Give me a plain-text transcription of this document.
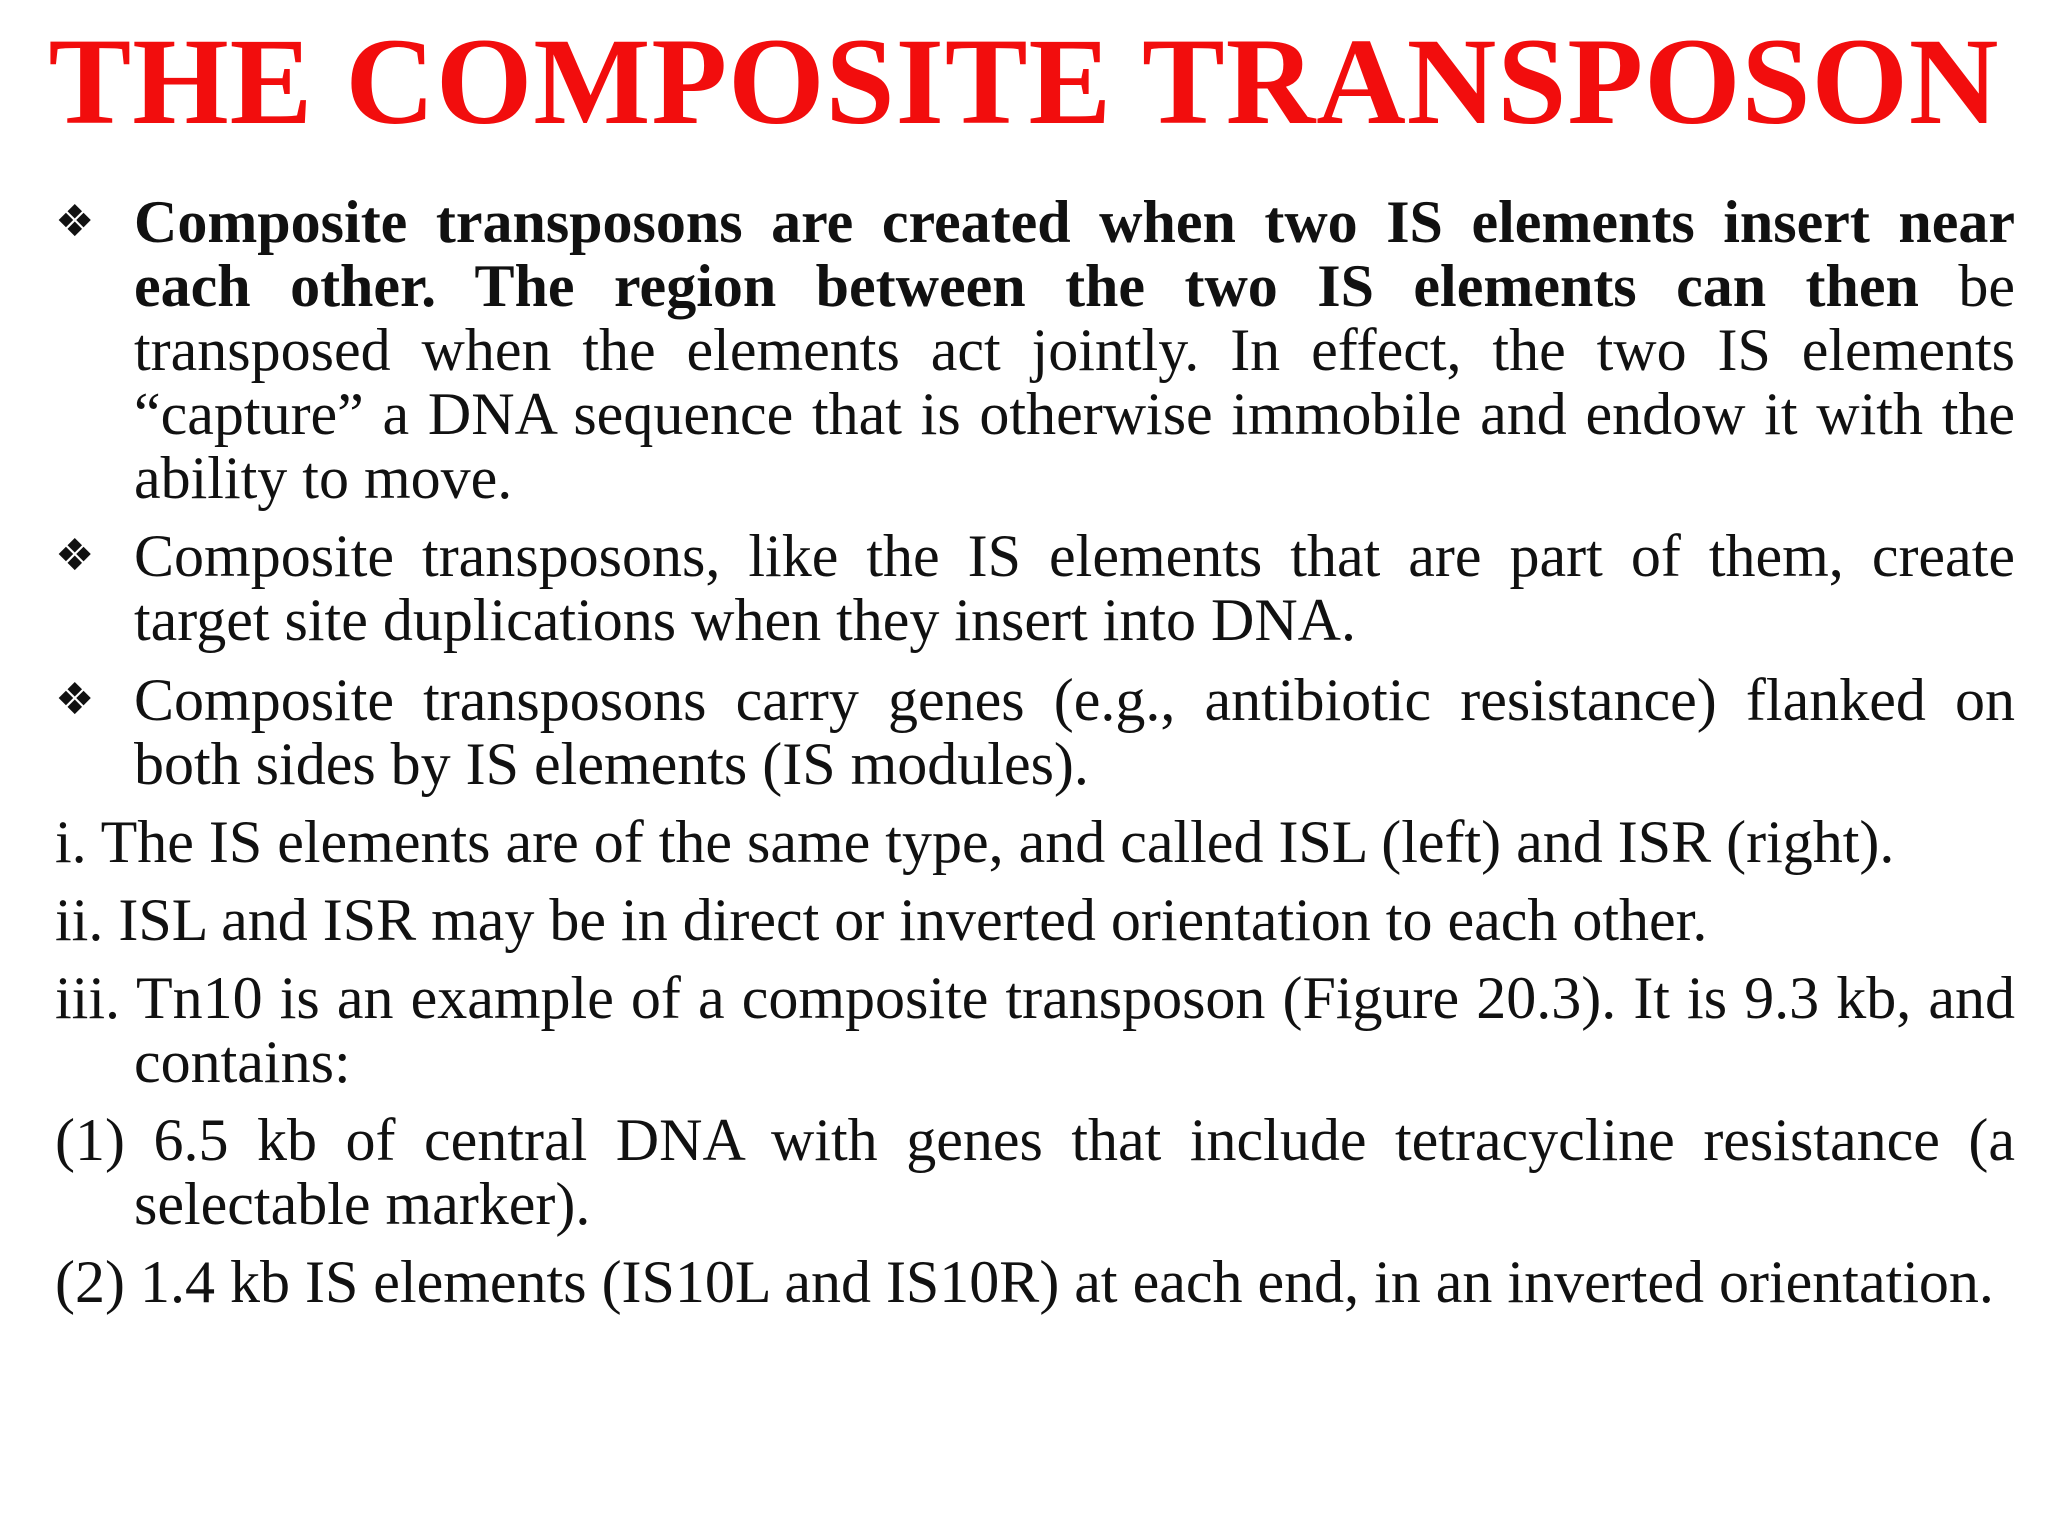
THE COMPOSITE TRANSPOSON
❖ Composite transposons are created when two IS elements insert near each other. The region between the two IS elements can then be transposed when the elements act jointly. In effect, the two IS elements “capture” a DNA sequence that is otherwise immobile and endow it with the ability to move.
❖ Composite transposons, like the IS elements that are part of them, create target site duplications when they insert into DNA.
❖ Composite transposons carry genes (e.g., antibiotic resistance) flanked on both sides by IS elements (IS modules).
i. The IS elements are of the same type, and called ISL (left) and ISR (right).
ii. ISL and ISR may be in direct or inverted orientation to each other.
iii. Tn10 is an example of a composite transposon (Figure 20.3). It is 9.3 kb, and contains:
(1) 6.5 kb of central DNA with genes that include tetracycline resistance (a selectable marker).
(2) 1.4 kb IS elements (IS10L and IS10R) at each end, in an inverted orientation.
